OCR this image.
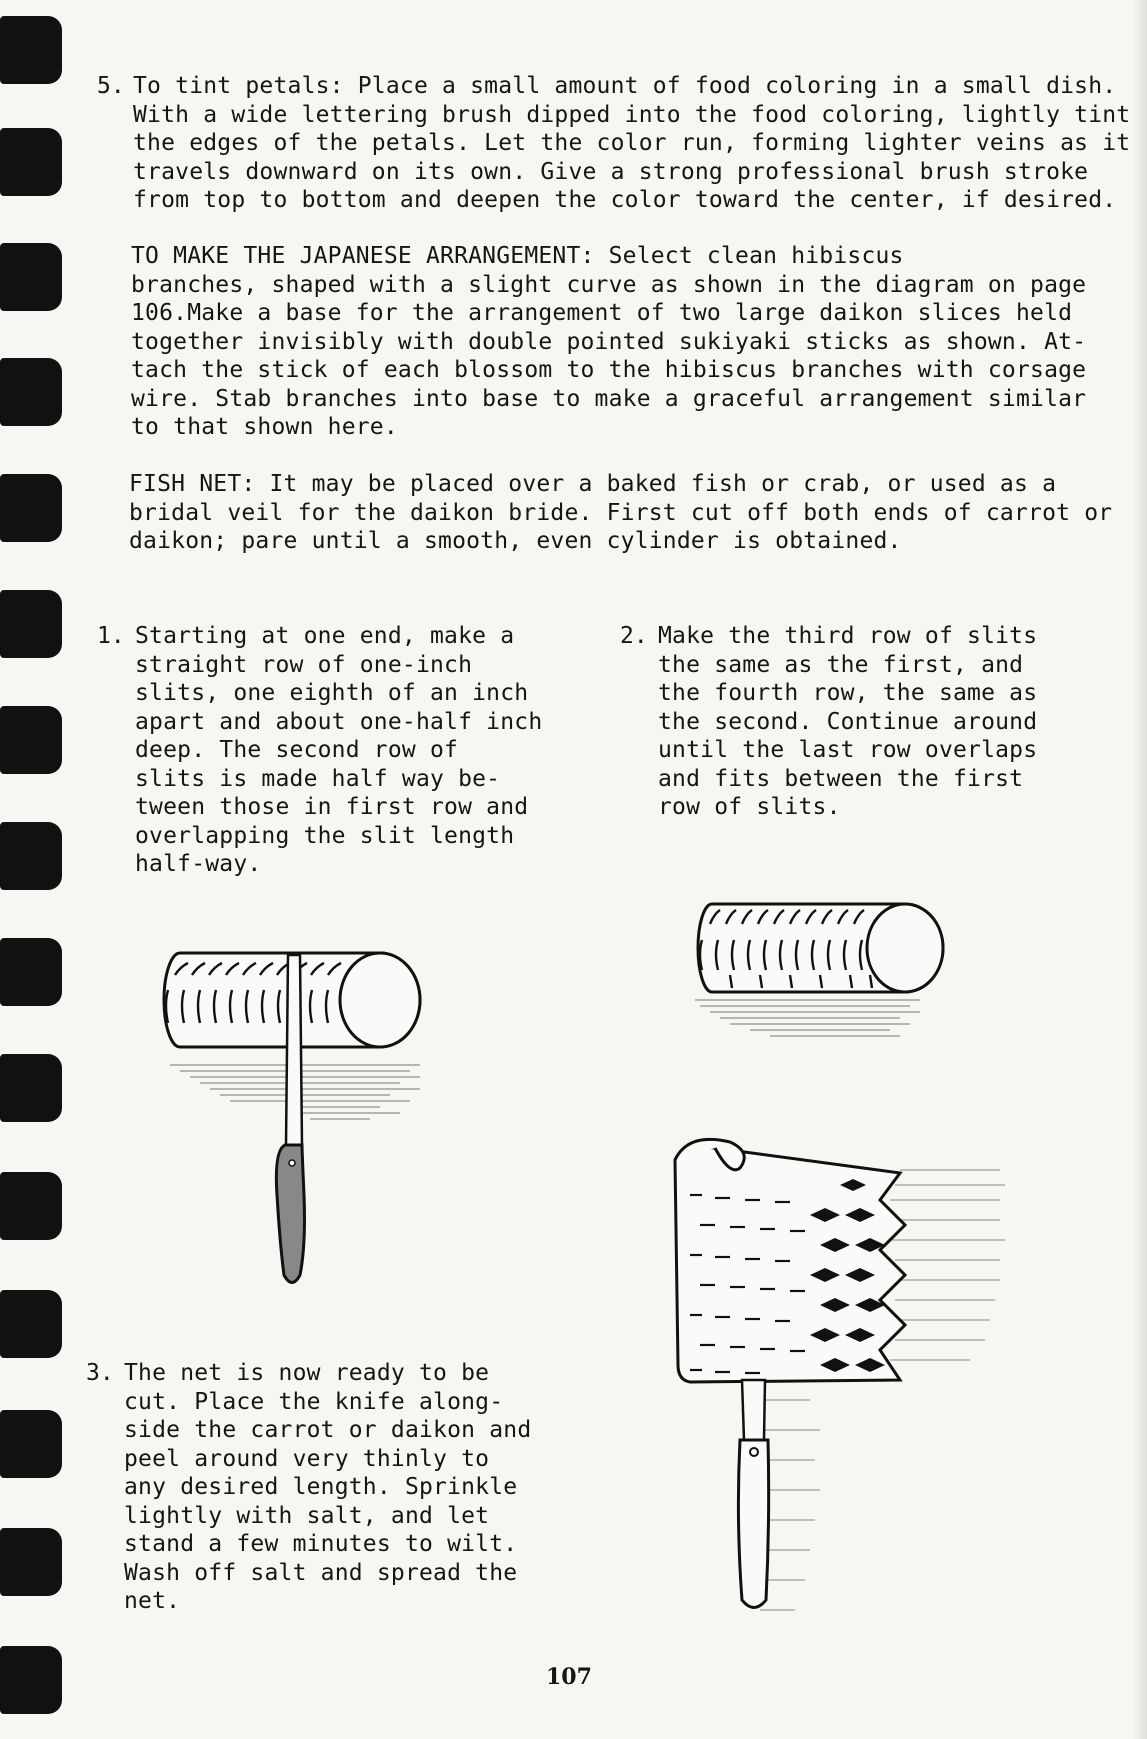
5. To tint petals: Place a small amount of food coloring in a small dish.
With a wide lettering brush dipped into the food coloring, lightly tint
the edges of the petals. Let the color run, forming lighter veins as it
travels downward on its own. Give a strong professional brush stroke
from top to bottom and deepen the color toward the center, if desired.
TO MAKE THE JAPANESE ARRANGEMENT: Select clean hibiscus
branches, shaped with a slight curve as shown in the diagram on page
106.Make a base for the arrangement of two large daikon slices held
together invisibly with double pointed sukiyaki sticks as shown. At-
tach the stick of each blossom to the hibiscus branches with corsage
wire. Stab branches into base to make a graceful arrangement similar
to that shown here.
FISH NET: It may be placed over a baked fish or crab, or used as a
bridal veil for the daikon bride. First cut off both ends of carrot or
daikon; pare until a smooth, even cylinder is obtained.
1. Starting at one end, make a
straight row of one-inch
slits, one eighth of an inch
apart and about one-half inch
deep. The second row of
slits is made half way be-
tween those in first row and
overlapping the slit length
half-way.
2. Make the third row of slits
the same as the first, and
the fourth row, the same as
the second. Continue around
until the last row overlaps
and fits between the first
row of slits.
3. The net is now ready to be
cut. Place the knife along-
side the carrot or daikon and
peel around very thinly to
any desired length. Sprinkle
lightly with salt, and let
stand a few minutes to wilt.
Wash off salt and spread the
net.
107
